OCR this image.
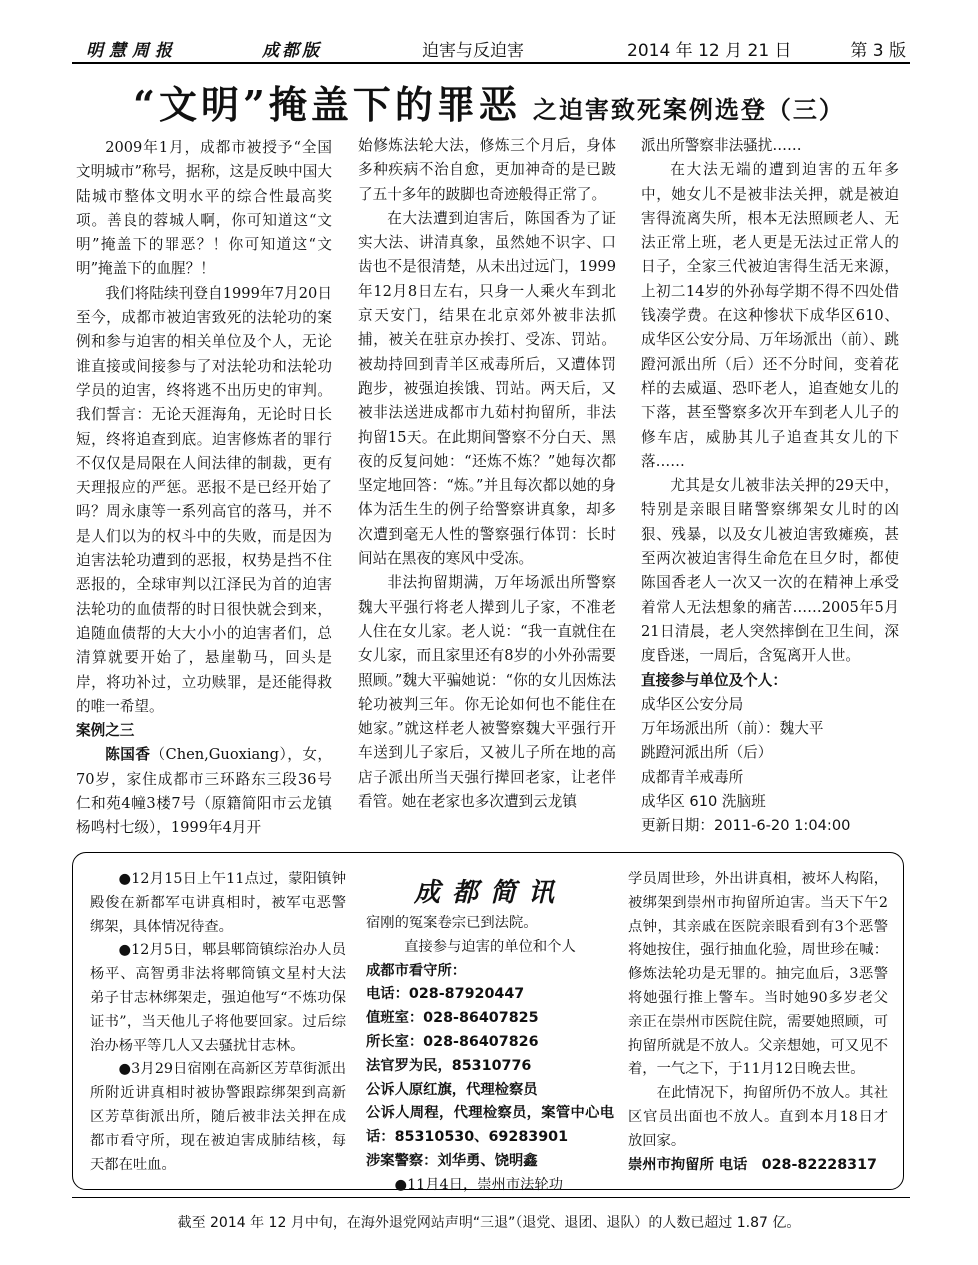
明慧周报	成都版	迫害与反迫害	2014 年 12 月 21 日	第 3 版
“文明”掩盖下的罪恶 之迫害致死案例选登（三）

2009年1月，成都市被授予“全国文明城市”称号，据称，这是反映中国大陆城市整体文明水平的综合性最高奖项。善良的蓉城人啊，你可知道这“文明”掩盖下的罪恶？！你可知道这“文明”掩盖下的血腥？！

我们将陆续刊登自1999年7月20日至今，成都市被迫害致死的法轮功的案例和参与迫害的相关单位及个人，无论谁直接或间接参与了对法轮功和法轮功学员的迫害，终将逃不出历史的审判。我们誓言：无论天涯海角，无论时日长短，终将追查到底。迫害修炼者的罪行不仅仅是局限在人间法律的制裁，更有天理报应的严惩。恶报不是已经开始了吗？周永康等一系列高官的落马，并不是人们以为的权斗中的失败，而是因为迫害法轮功遭到的恶报，权势是挡不住恶报的，全球审判以江泽民为首的迫害法轮功的血债帮的时日很快就会到来，追随血债帮的大大小小的迫害者们，总清算就要开始了，悬崖勒马，回头是岸，将功补过，立功赎罪，是还能得救的唯一希望。

案例之三

陈国香（Chen,Guoxiang），女，70岁，家住成都市三环路东三段36号仁和苑4幢3楼7号（原籍简阳市云龙镇杨鸣村七级），1999年4月开

始修炼法轮大法，修炼三个月后，身体多种疾病不治自愈，更加神奇的是已跛了五十多年的跛脚也奇迹般得正常了。

在大法遭到迫害后，陈国香为了证实大法、讲清真象，虽然她不识字、口齿也不是很清楚，从未出过远门，1999年12月8日左右，只身一人乘火车到北京天安门，结果在北京郊外被非法抓捕，被关在驻京办挨打、受冻、罚站。被劫持回到青羊区戒毒所后，又遭体罚跑步，被强迫挨饿、罚站。两天后，又被非法送进成都市九茹村拘留所，非法拘留15天。在此期间警察不分白天、黑夜的反复问她：“还炼不炼？”她每次都坚定地回答：“炼。”并且每次都以她的身体为活生生的例子给警察讲真象，却多次遭到毫无人性的警察强行体罚：长时间站在黑夜的寒风中受冻。

非法拘留期满，万年场派出所警察魏大平强行将老人撵到儿子家，不准老人住在女儿家。老人说：“我一直就住在女儿家，而且家里还有8岁的小外孙需要照顾。”魏大平骗她说：“你的女儿因炼法轮功被判三年。你无论如何也不能住在她家。”就这样老人被警察魏大平强行开车送到儿子家后，又被儿子所在地的高店子派出所当天强行撵回老家，让老伴看管。她在老家也多次遭到云龙镇

派出所警察非法骚扰……

在大法无端的遭到迫害的五年多中，她女儿不是被非法关押，就是被迫害得流离失所，根本无法照顾老人、无法正常上班，老人更是无法过正常人的日子，全家三代被迫害得生活无来源，上初二14岁的外孙每学期不得不四处借钱凑学费。在这种惨状下成华区610、成华区公安分局、万年场派出（前）、跳蹬河派出所（后）还不分时间，变着花样的去威逼、恐吓老人，追查她女儿的下落，甚至警察多次开车到老人儿子的修车店，威胁其儿子追查其女儿的下落……

尤其是女儿被非法关押的29天中，特别是亲眼目睹警察绑架女儿时的凶狠、残暴，以及女儿被迫害致瘫痪，甚至两次被迫害得生命危在旦夕时，都使陈国香老人一次又一次的在精神上承受着常人无法想象的痛苦……2005年5月21日清晨，老人突然摔倒在卫生间，深度昏迷，一周后，含冤离开人世。

直接参与单位及个人：

成华区公安分局

万年场派出所（前）：魏大平

跳蹬河派出所（后）

成都青羊戒毒所

成华区 610 洗脑班

更新日期：2011-6-20 1:04:00

成都简讯

●12月15日上午11点过，蒙阳镇钟殿俊在新都军屯讲真相时，被军屯恶警绑架，具体情况待查。

●12月5日，郫县郫筒镇综治办人员杨平、高智勇非法将郫筒镇文星村大法弟子甘志林绑架走，强迫他写“不炼功保证书”，当天他儿子将他要回家。过后综治办杨平等几人又去骚扰甘志林。

●3月29日宿刚在高新区芳草街派出所附近讲真相时被协警跟踪绑架到高新区芳草街派出所，随后被非法关押在成都市看守所，现在被迫害成肺结核，每天都在吐血。

宿刚的冤案卷宗已到法院。

直接参与迫害的单位和个人

成都市看守所：

电话：028-87920447

值班室：028-86407825

所长室：028-86407826

法官罗为民，85310776

公诉人原红旗，代理检察员

公诉人周程，代理检察员，案管中心电话：85310530、69283901

涉案警察：刘华勇、饶明鑫

●11月4日，崇州市法轮功

学员周世珍，外出讲真相，被坏人构陷，被绑架到崇州市拘留所迫害。当天下午2点钟，其亲戚在医院亲眼看到有3个恶警将她按住，强行抽血化验，周世珍在喊：修炼法轮功是无罪的。抽完血后，3恶警将她强行推上警车。当时她90多岁老父亲正在崇州市医院住院，需要她照顾，可拘留所就是不放人。父亲想她，可又见不着，一气之下，于11月12日晚去世。

在此情况下，拘留所仍不放人。其社区官员出面也不放人。直到本月18日才放回家。

崇州市拘留所 电话　028-82228317

截至 2014 年 12 月中旬，在海外退党网站声明“三退”（退党、退团、退队）的人数已超过 1.87 亿。
